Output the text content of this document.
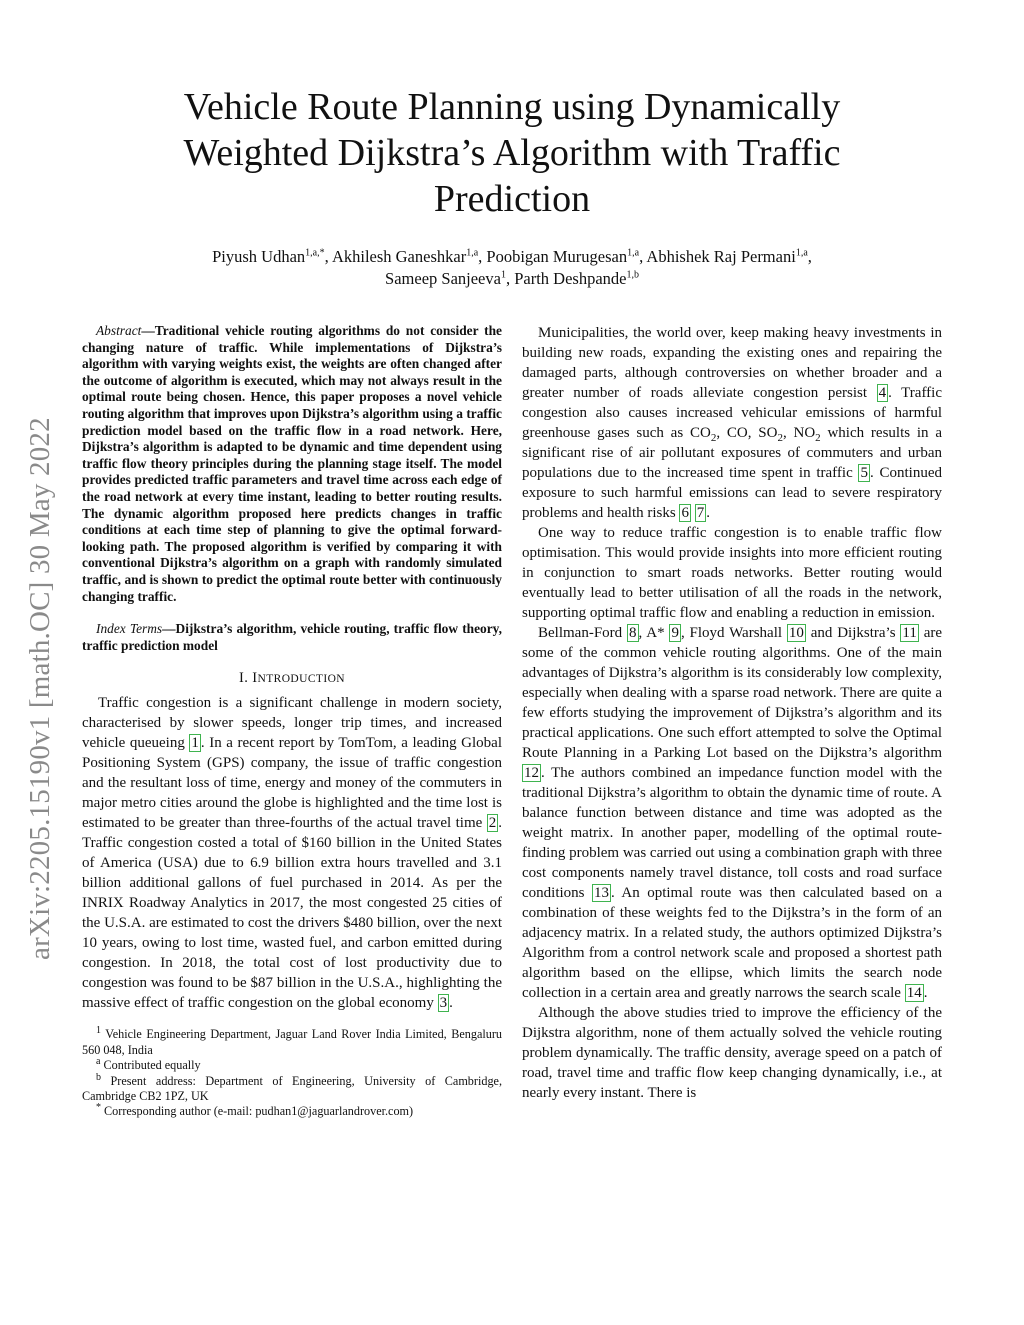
arXiv:2205.15190v1 [math.OC] 30 May 2022
Vehicle Route Planning using Dynamically Weighted Dijkstra’s Algorithm with Traffic Prediction
Piyush Udhan$^{1,a,*}$, Akhilesh Ganeshkar$^{1,a}$, Poobigan Murugesan$^{1,a}$, Abhishek Raj Permani$^{1,a}$,
Sameep Sanjeeva$^1$, Parth Deshpande$^{1,b}$

Abstract—Traditional vehicle routing algorithms do not consider the changing nature of traffic. While implementations of Dijkstra’s algorithm with varying weights exist, the weights are often changed after the outcome of algorithm is executed, which may not always result in the optimal route being chosen. Hence, this paper proposes a novel vehicle routing algorithm that improves upon Dijkstra’s algorithm using a traffic prediction model based on the traffic flow in a road network. Here, Dijkstra’s algorithm is adapted to be dynamic and time dependent using traffic flow theory principles during the planning stage itself. The model provides predicted traffic parameters and travel time across each edge of the road network at every time instant, leading to better routing results. The dynamic algorithm proposed here predicts changes in traffic conditions at each time step of planning to give the optimal forward-looking path. The proposed algorithm is verified by comparing it with conventional Dijkstra’s algorithm on a graph with randomly simulated traffic, and is shown to predict the optimal route better with continuously changing traffic.

Index Terms—Dijkstra’s algorithm, vehicle routing, traffic flow theory, traffic prediction model

I. INTRODUCTION

Traffic congestion is a significant challenge in modern society, characterised by slower speeds, longer trip times, and increased vehicle queueing 1 . In a recent report by TomTom, a leading Global Positioning System (GPS) company, the issue of traffic congestion and the resultant loss of time, energy and money of the commuters in major metro cities around the globe is highlighted and the time lost is estimated to be greater than three-fourths of the actual travel time 2 . Traffic congestion costed a total of $160 billion in the United States of America (USA) due to 6.9 billion extra hours travelled and 3.1 billion additional gallons of fuel purchased in 2014. As per the INRIX Roadway Analytics in 2017, the most congested 25 cities of the U.S.A. are estimated to cost the drivers $480 billion, over the next 10 years, owing to lost time, wasted fuel, and carbon emitted during congestion. In 2018, the total cost of lost productivity due to congestion was found to be $87 billion in the U.S.A., highlighting the massive effect of traffic congestion on the global economy 3 .

$^1$ Vehicle Engineering Department, Jaguar Land Rover India Limited, Bengaluru 560 048, India

$^a$ Contributed equally

$^b$ Present address: Department of Engineering, University of Cambridge, Cambridge CB2 1PZ, UK

* Corresponding author (e-mail: pudhan1@jaguarlandrover.com)

Municipalities, the world over, keep making heavy investments in building new roads, expanding the existing ones and repairing the damaged parts, although controversies on whether broader and a greater number of roads alleviate congestion persist 4 . Traffic congestion also causes increased vehicular emissions of harmful greenhouse gases such as $CO_2$, CO, $SO_2$, $NO_2$ which results in a significant rise of air pollutant exposures of commuters and urban populations due to the increased time spent in traffic 5 . Continued exposure to such harmful emissions can lead to severe respiratory problems and health risks 6 7 .

One way to reduce traffic congestion is to enable traffic flow optimisation. This would provide insights into more efficient routing in conjunction to smart roads networks. Better routing would eventually lead to better utilisation of all the roads in the network, supporting optimal traffic flow and enabling a reduction in emission.

Bellman-Ford 8 , A* 9 , Floyd Warshall 10 and Dijkstra’s 11 are some of the common vehicle routing algorithms. One of the main advantages of Dijkstra’s algorithm is its considerably low complexity, especially when dealing with a sparse road network. There are quite a few efforts studying the improvement of Dijkstra’s algorithm and its practical applications. One such effort attempted to solve the Optimal Route Planning in a Parking Lot based on the Dijkstra’s algorithm 12 . The authors combined an impedance function model with the traditional Dijkstra’s algorithm to obtain the dynamic time of route. A balance function between distance and time was adopted as the weight matrix. In another paper, modelling of the optimal route-finding problem was carried out using a combination graph with three cost components namely travel distance, toll costs and road surface conditions 13 . An optimal route was then calculated based on a combination of these weights fed to the Dijkstra’s in the form of an adjacency matrix. In a related study, the authors optimized Dijkstra’s Algorithm from a control network scale and proposed a shortest path algorithm based on the ellipse, which limits the search node collection in a certain area and greatly narrows the search scale 14 .

Although the above studies tried to improve the efficiency of the Dijkstra algorithm, none of them actually solved the vehicle routing problem dynamically. The traffic density, average speed on a patch of road, travel time and traffic flow keep changing dynamically, i.e., at nearly every instant. There is
